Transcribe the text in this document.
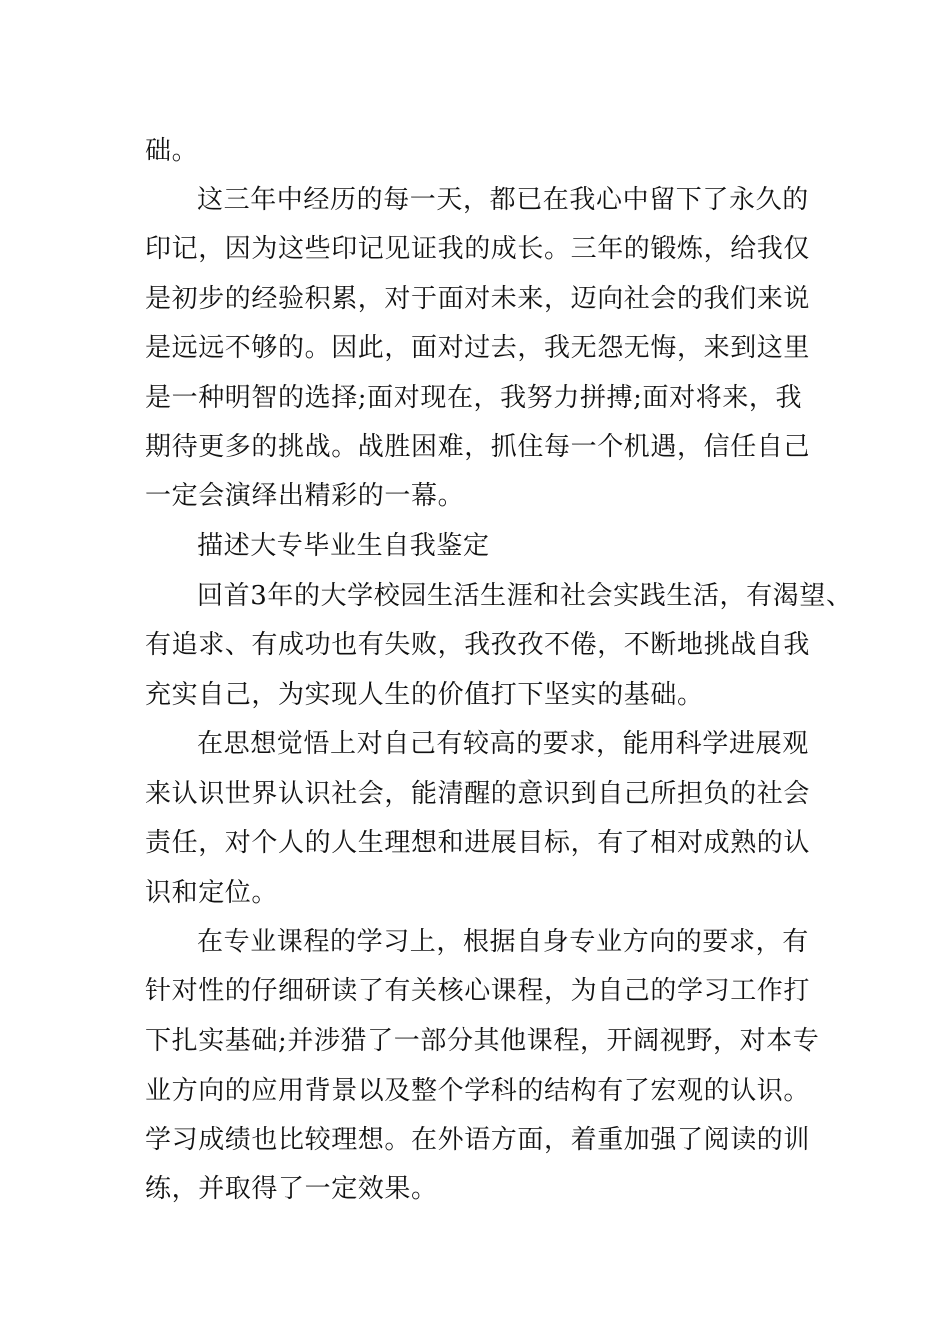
础。
这三年中经历的每一天，都已在我心中留下了永久的
印记，因为这些印记见证我的成长。三年的锻炼，给我仅
是初步的经验积累，对于面对未来，迈向社会的我们来说
是远远不够的。因此，面对过去，我无怨无悔，来到这里
是一种明智的选择;面对现在，我努力拼搏;面对将来，我
期待更多的挑战。战胜困难，抓住每一个机遇，信任自己
一定会演绎出精彩的一幕。
描述大专毕业生自我鉴定
回首3年的大学校园生活生涯和社会实践生活，有渴望、
有追求、有成功也有失败，我孜孜不倦，不断地挑战自我
充实自己，为实现人生的价值打下坚实的基础。
在思想觉悟上对自己有较高的要求，能用科学进展观
来认识世界认识社会，能清醒的意识到自己所担负的社会
责任，对个人的人生理想和进展目标，有了相对成熟的认
识和定位。
在专业课程的学习上，根据自身专业方向的要求，有
针对性的仔细研读了有关核心课程，为自己的学习工作打
下扎实基础;并涉猎了一部分其他课程，开阔视野，对本专
业方向的应用背景以及整个学科的结构有了宏观的认识。
学习成绩也比较理想。在外语方面，着重加强了阅读的训
练，并取得了一定效果。
